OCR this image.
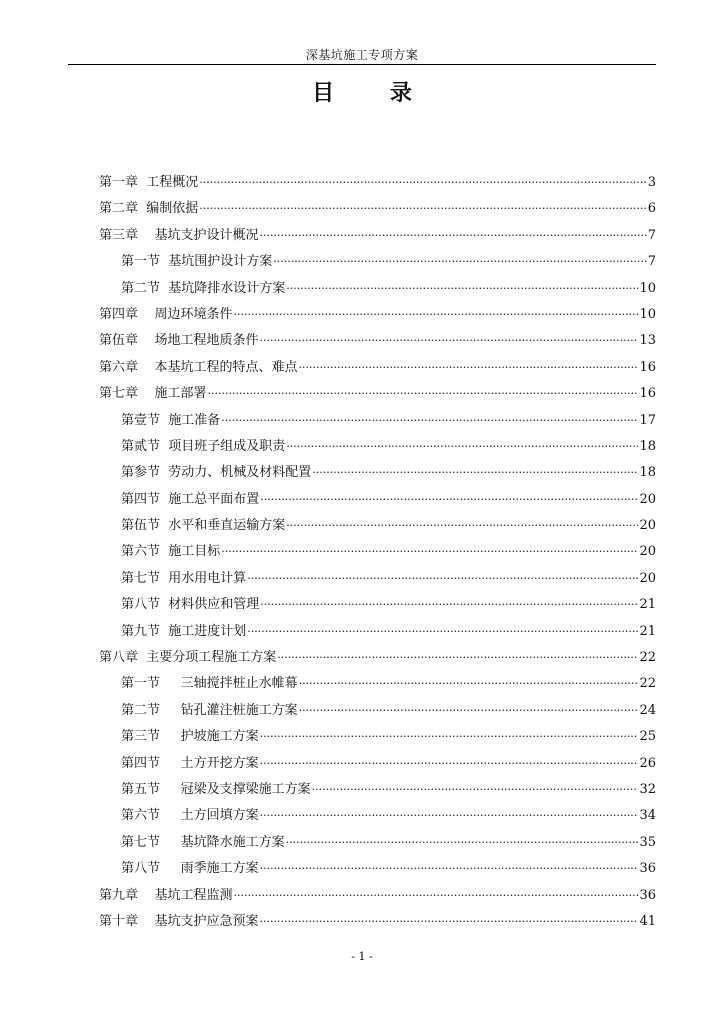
深基坑施工专项方案
目 录
第一章  工程概况 ·····	3
第二章  编制依据 ·····	6
第三章    基坑支护设计概况 ·····	7
第一节  基坑围护设计方案 ·····	7
第二节  基坑降排水设计方案 ·····	10
第四章    周边环境条件 ·····	10
第伍章    场地工程地质条件 ·····	13
第六章    本基坑工程的特点、难点 ·····	16
第七章    施工部署 ·····	16
第壹节  施工准备 ·····	17
第贰节  项目班子组成及职责 ·····	18
第参节  劳动力、机械及材料配置 ·····	18
第四节  施工总平面布置 ·····	20
第伍节  水平和垂直运输方案 ·····	20
第六节  施工目标 ·····	20
第七节  用水用电计算 ·····	20
第八节  材料供应和管理 ·····	21
第九节  施工进度计划 ·····	21
第八章  主要分项工程施工方案 ·····	22
第一节     三轴搅拌桩止水帷幕 ·····	22
第二节     钻孔灌注桩施工方案 ·····	24
第三节     护坡施工方案 ·····	25
第四节     土方开挖方案 ·····	26
第五节     冠梁及支撑梁施工方案 ·····	32
第六节     土方回填方案 ·····	34
第七节     基坑降水施工方案 ·····	35
第八节     雨季施工方案 ·····	36
第九章    基坑工程监测 ·····	36
第十章    基坑支护应急预案 ·····	41
- 1 -
